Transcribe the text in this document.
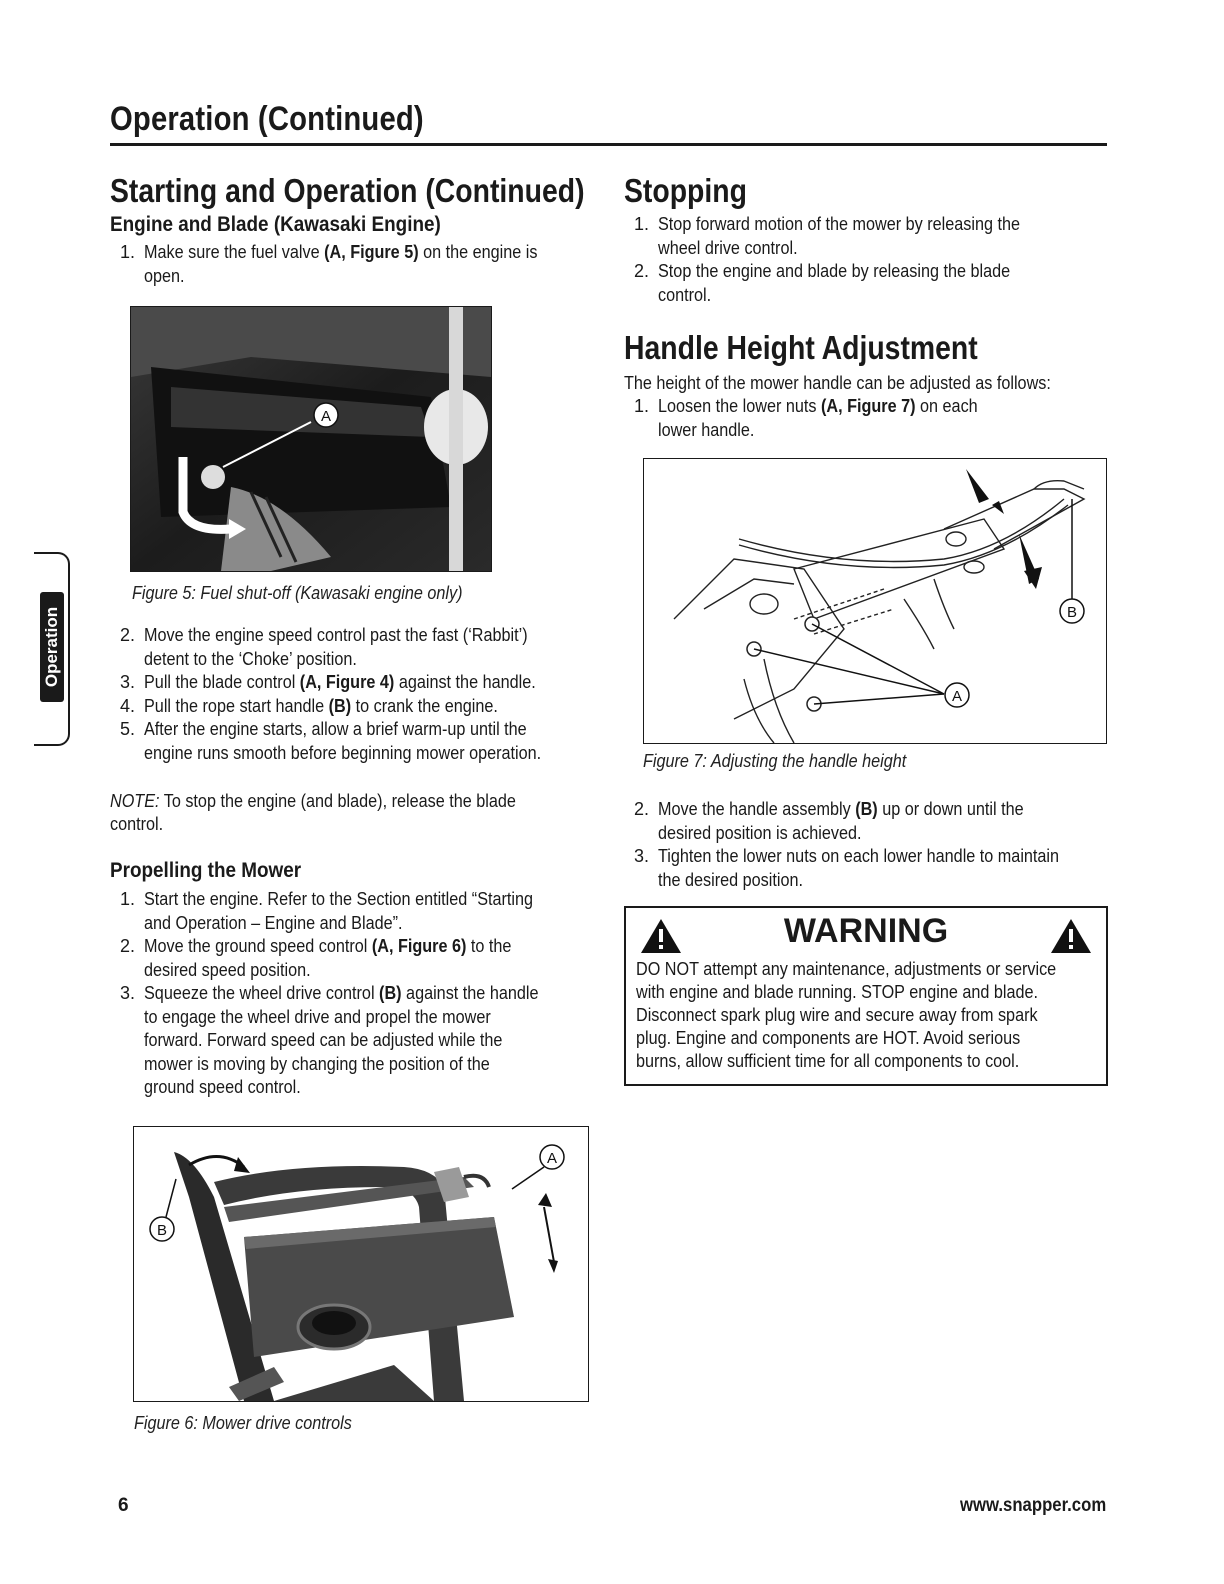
Operation (Continued)
Operation
Starting and Operation (Continued)
Engine and Blade (Kawasaki Engine)
1. Make sure the fuel valve (A, Figure 5) on the engine is
open.
A
Figure 5: Fuel shut-off (Kawasaki engine only)
2. Move the engine speed control past the fast (‘Rabbit’)
detent to the ‘Choke’ position.
3. Pull the blade control (A, Figure 4) against the handle.
4. Pull the rope start handle (B) to crank the engine.
5. After the engine starts, allow a brief warm-up until the
engine runs smooth before beginning mower operation.
NOTE: To stop the engine (and blade), release the blade
control.
Propelling the Mower
1. Start the engine. Refer to the Section entitled “Starting
and Operation – Engine and Blade”.
2. Move the ground speed control (A, Figure 6) to the
desired speed position.
3. Squeeze the wheel drive control (B) against the handle
to engage the wheel drive and propel the mower
forward. Forward speed can be adjusted while the
mower is moving by changing the position of the
ground speed control.
B
A
Figure 6: Mower drive controls
Stopping
1. Stop forward motion of the mower by releasing the
wheel drive control.
2. Stop the engine and blade by releasing the blade
control.
Handle Height Adjustment
The height of the mower handle can be adjusted as follows:
1. Loosen the lower nuts (A, Figure 7) on each
lower handle.
B
A
Figure 7: Adjusting the handle height
2. Move the handle assembly (B) up or down until the
desired position is achieved.
3. Tighten the lower nuts on each lower handle to maintain
the desired position.
WARNING
DO NOT attempt any maintenance, adjustments or service
with engine and blade running. STOP engine and blade.
Disconnect spark plug wire and secure away from spark
plug. Engine and components are HOT. Avoid serious
burns, allow sufficient time for all components to cool.
6	www.snapper.com
